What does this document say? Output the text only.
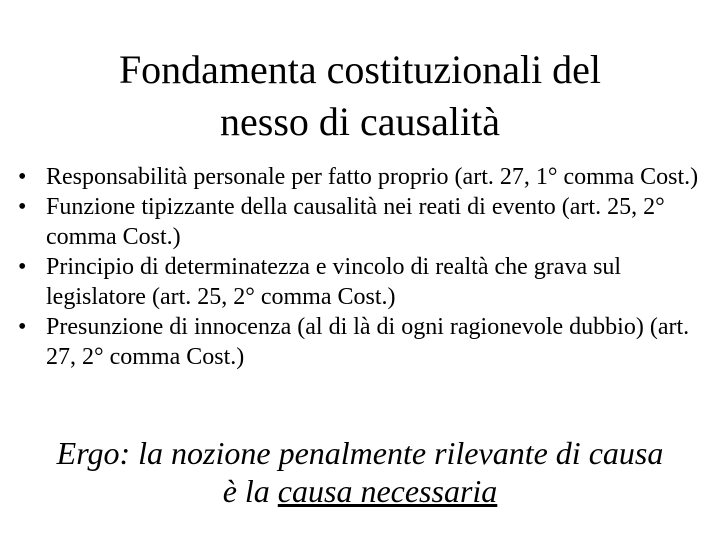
Fondamenta costituzionali del
nesso di causalità
• Responsabilità personale per fatto proprio (art. 27, 1° comma Cost.)
• Funzione tipizzante della causalità nei reati di evento (art. 25, 2° comma Cost.)
• Principio di determinatezza e vincolo di realtà che grava sul legislatore (art. 25, 2° comma Cost.)
• Presunzione di innocenza (al di là di ogni ragionevole dubbio) (art. 27, 2° comma Cost.)
Ergo: la nozione penalmente rilevante di causa
è la causa necessaria
